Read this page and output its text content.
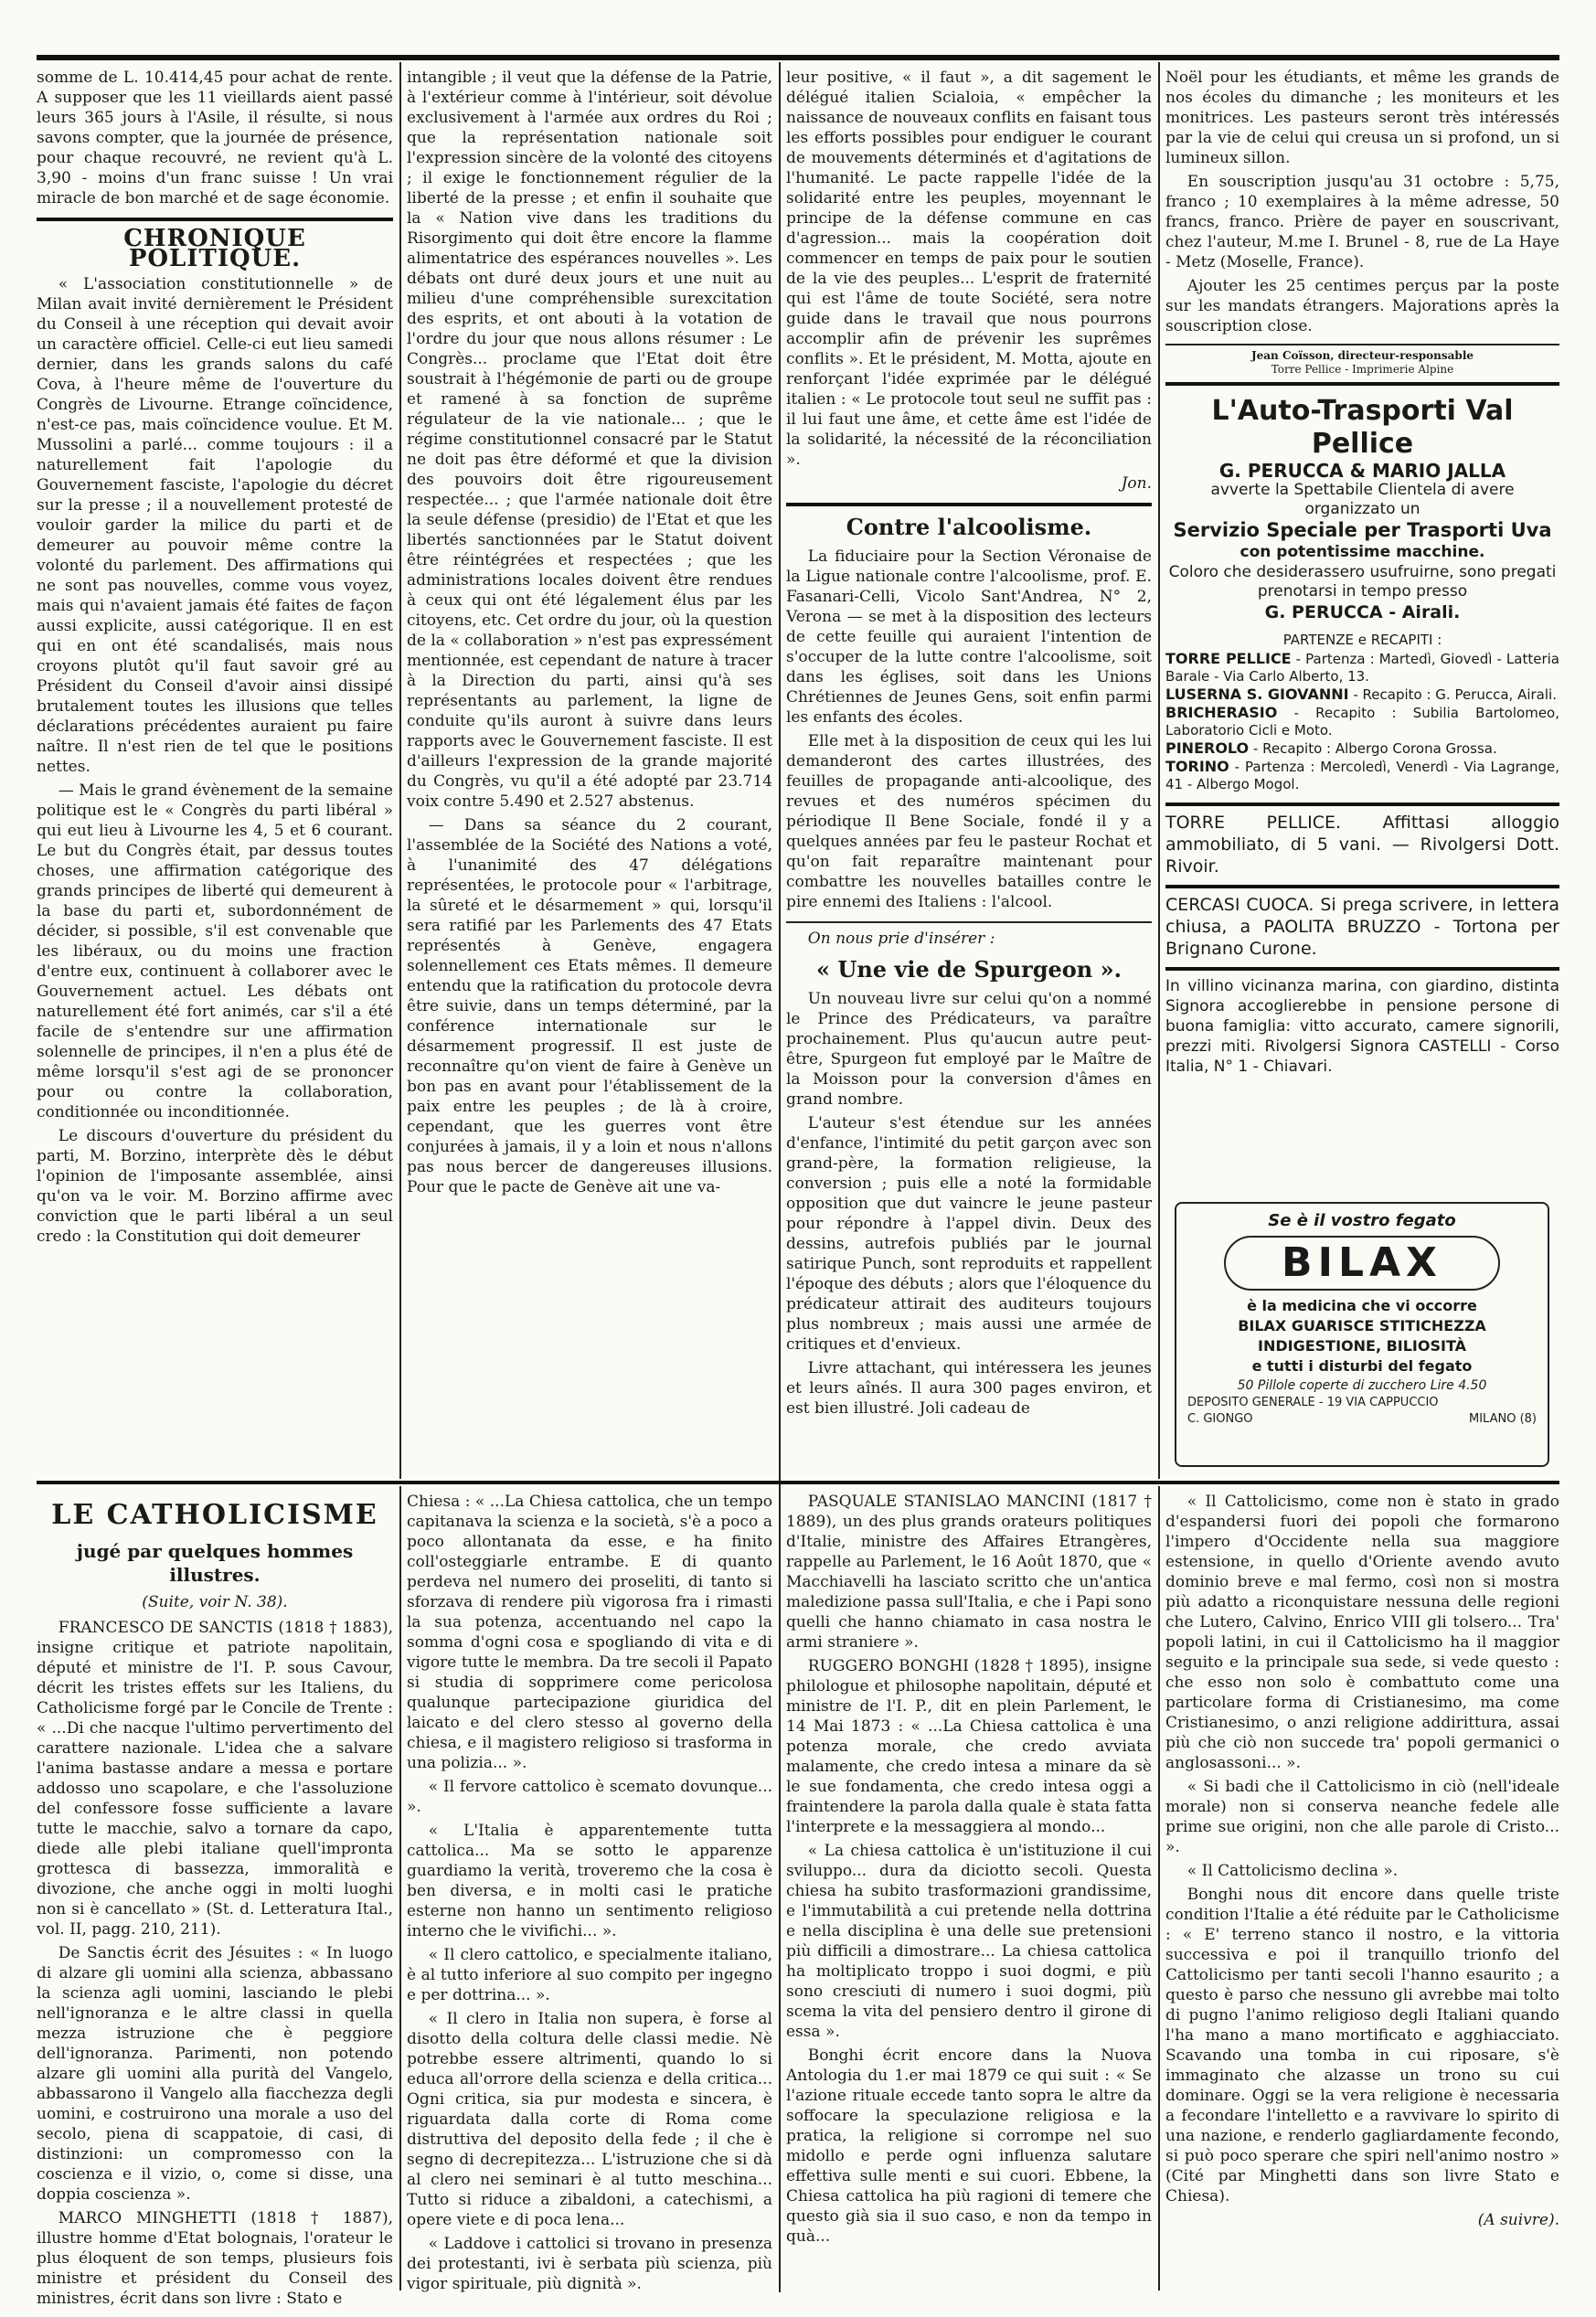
somme de L. 10.414,45 pour achat de rente. A supposer que les 11 vieillards aient passé leurs 365 jours à l'Asile, il résulte, si nous savons compter, que la journée de présence, pour chaque recouvré, ne revient qu'à L. 3,90 - moins d'un franc suisse ! Un vrai miracle de bon marché et de sage économie.

CHRONIQUE POLITIQUE.

« L'association constitutionnelle » de Milan avait invité dernièrement le Président du Conseil à une réception qui devait avoir un caractère officiel. Celle-ci eut lieu samedi dernier, dans les grands salons du café Cova, à l'heure même de l'ouverture du Congrès de Livourne. Etrange coïncidence, n'est-ce pas, mais coïncidence voulue. Et M. Mussolini a parlé... comme toujours : il a naturellement fait l'apologie du Gouvernement fasciste, l'apologie du décret sur la presse ; il a nouvellement protesté de vouloir garder la milice du parti et de demeurer au pouvoir même contre la volonté du parlement. Des affirmations qui ne sont pas nouvelles, comme vous voyez, mais qui n'avaient jamais été faites de façon aussi explicite, aussi catégorique. Il en est qui en ont été scandalisés, mais nous croyons plutôt qu'il faut savoir gré au Président du Conseil d'avoir ainsi dissipé brutalement toutes les illusions que telles déclarations précédentes auraient pu faire naître. Il n'est rien de tel que le positions nettes.

— Mais le grand évènement de la semaine politique est le « Congrès du parti libéral » qui eut lieu à Livourne les 4, 5 et 6 courant. Le but du Congrès était, par dessus toutes choses, une affirmation catégorique des grands principes de liberté qui demeurent à la base du parti et, subordonnément de décider, si possible, s'il est convenable que les libéraux, ou du moins une fraction d'entre eux, continuent à collaborer avec le Gouvernement actuel. Les débats ont naturellement été fort animés, car s'il a été facile de s'entendre sur une affirmation solennelle de principes, il n'en a plus été de même lorsqu'il s'est agi de se prononcer pour ou contre la collaboration, conditionnée ou inconditionnée.

Le discours d'ouverture du président du parti, M. Borzino, interprète dès le début l'opinion de l'imposante assemblée, ainsi qu'on va le voir. M. Borzino affirme avec conviction que le parti libéral a un seul credo : la Constitution qui doit demeurer

intangible ; il veut que la défense de la Patrie, à l'extérieur comme à l'intérieur, soit dévolue exclusivement à l'armée aux ordres du Roi ; que la représentation nationale soit l'expression sincère de la volonté des citoyens ; il exige le fonctionnement régulier de la liberté de la presse ; et enfin il souhaite que la « Nation vive dans les traditions du Risorgimento qui doit être encore la flamme alimentatrice des espérances nouvelles ». Les débats ont duré deux jours et une nuit au milieu d'une compréhensible surexcitation des esprits, et ont abouti à la votation de l'ordre du jour que nous allons résumer : Le Congrès... proclame que l'Etat doit être soustrait à l'hégémonie de parti ou de groupe et ramené à sa fonction de suprême régulateur de la vie nationale... ; que le régime constitutionnel consacré par le Statut ne doit pas être déformé et que la division des pouvoirs doit être rigoureusement respectée... ; que l'armée nationale doit être la seule défense (presidio) de l'Etat et que les libertés sanctionnées par le Statut doivent être réintégrées et respectées ; que les administrations locales doivent être rendues à ceux qui ont été légalement élus par les citoyens, etc. Cet ordre du jour, où la question de la « collaboration » n'est pas expressément mentionnée, est cependant de nature à tracer à la Direction du parti, ainsi qu'à ses représentants au parlement, la ligne de conduite qu'ils auront à suivre dans leurs rapports avec le Gouvernement fasciste. Il est d'ailleurs l'expression de la grande majorité du Congrès, vu qu'il a été adopté par 23.714 voix contre 5.490 et 2.527 abstenus.

— Dans sa séance du 2 courant, l'assemblée de la Société des Nations a voté, à l'unanimité des 47 délégations représentées, le protocole pour « l'arbitrage, la sûreté et le désarmement » qui, lorsqu'il sera ratifié par les Parlements des 47 Etats représentés à Genève, engagera solennellement ces Etats mêmes. Il demeure entendu que la ratification du protocole devra être suivie, dans un temps déterminé, par la conférence internationale sur le désarmement progressif. Il est juste de reconnaître qu'on vient de faire à Genève un bon pas en avant pour l'établissement de la paix entre les peuples ; de là à croire, cependant, que les guerres vont être conjurées à jamais, il y a loin et nous n'allons pas nous bercer de dangereuses illusions. Pour que le pacte de Genève ait une va-

leur positive, « il faut », a dit sagement le délégué italien Scialoia, « empêcher la naissance de nouveaux conflits en faisant tous les efforts possibles pour endiguer le courant de mouvements déterminés et d'agitations de l'humanité. Le pacte rappelle l'idée de la solidarité entre les peuples, moyennant le principe de la défense commune en cas d'agression... mais la coopération doit commencer en temps de paix pour le soutien de la vie des peuples... L'esprit de fraternité qui est l'âme de toute Société, sera notre guide dans le travail que nous pourrons accomplir afin de prévenir les suprêmes conflits ». Et le président, M. Motta, ajoute en renforçant l'idée exprimée par le délégué italien : « Le protocole tout seul ne suffit pas : il lui faut une âme, et cette âme est l'idée de la solidarité, la nécessité de la réconciliation ».

Jon.
Contre l'alcoolisme.

La fiduciaire pour la Section Véronaise de la Ligue nationale contre l'alcoolisme, prof. E. Fasanari-Celli, Vicolo Sant'Andrea, N° 2, Verona — se met à la disposition des lecteurs de cette feuille qui auraient l'intention de s'occuper de la lutte contre l'alcoolisme, soit dans les églises, soit dans les Unions Chrétiennes de Jeunes Gens, soit enfin parmi les enfants des écoles.

Elle met à la disposition de ceux qui les lui demanderont des cartes illustrées, des feuilles de propagande anti-alcoolique, des revues et des numéros spécimen du périodique Il Bene Sociale, fondé il y a quelques années par feu le pasteur Rochat et qu'on fait reparaître maintenant pour combattre les nouvelles batailles contre le pire ennemi des Italiens : l'alcool.

On nous prie d'insérer :

« Une vie de Spurgeon ».

Un nouveau livre sur celui qu'on a nommé le Prince des Prédicateurs, va paraître prochainement. Plus qu'aucun autre peut-être, Spurgeon fut employé par le Maître de la Moisson pour la conversion d'âmes en grand nombre.

L'auteur s'est étendue sur les années d'enfance, l'intimité du petit garçon avec son grand-père, la formation religieuse, la conversion ; puis elle a noté la formidable opposition que dut vaincre le jeune pasteur pour répondre à l'appel divin. Deux des dessins, autrefois publiés par le journal satirique Punch, sont reproduits et rappellent l'époque des débuts ; alors que l'éloquence du prédicateur attirait des auditeurs toujours plus nombreux ; mais aussi une armée de critiques et d'envieux.

Livre attachant, qui intéressera les jeunes et leurs aînés. Il aura 300 pages environ, et est bien illustré. Joli cadeau de

Noël pour les étudiants, et même les grands de nos écoles du dimanche ; les moniteurs et les monitrices. Les pasteurs seront très intéressés par la vie de celui qui creusa un si profond, un si lumineux sillon.

En souscription jusqu'au 31 octobre : 5,75, franco ; 10 exemplaires à la même adresse, 50 francs, franco. Prière de payer en souscrivant, chez l'auteur, M.me I. Brunel - 8, rue de La Haye - Metz (Moselle, France).

Ajouter les 25 centimes perçus par la poste sur les mandats étrangers. Majorations après la souscription close.

Jean Coïsson, directeur-responsable
Torre Pellice - Imprimerie Alpine
L'Auto-Trasporti Val Pellice
G. PERUCCA & MARIO JALLA
avverte la Spettabile Clientela di avere organizzato un
Servizio Speciale per Trasporti Uva
con potentissime macchine.
Coloro che desiderassero usufruirne, sono pregati prenotarsi in tempo presso
G. PERUCCA - Airali.
PARTENZE e RECAPITI :
TORRE PELLICE - Partenza : Martedì, Giovedì - Latteria Barale - Via Carlo Alberto, 13.
LUSERNA S. GIOVANNI - Recapito : G. Perucca, Airali.
BRICHERASIO - Recapito : Subilia Bartolomeo, Laboratorio Cicli e Moto.
PINEROLO - Recapito : Albergo Corona Grossa.
TORINO - Partenza : Mercoledì, Venerdì - Via Lagrange, 41 - Albergo Mogol.
TORRE PELLICE. Affittasi alloggio ammobiliato, di 5 vani. — Rivolgersi Dott. Rivoir.
CERCASI CUOCA. Si prega scrivere, in lettera chiusa, a PAOLITA BRUZZO - Tortona per Brignano Curone.
In villino vicinanza marina, con giardino, distinta Signora accoglierebbe in pensione persone di buona famiglia: vitto accurato, camere signorili, prezzi miti. Rivolgersi Signora CASTELLI - Corso Italia, N° 1 - Chiavari.
Se è il vostro fegato
BILAX
è la medicina che vi occorre
BILAX GUARISCE STITICHEZZA
INDIGESTIONE, BILIOSITÀ
e tutti i disturbi del fegato
50 Pillole coperte di zucchero Lire 4.50
DEPOSITO GENERALE - 19 VIA CAPPUCCIO
C. GIONGO	MILANO (8)
LE CATHOLICISME
jugé par quelques hommes illustres.
(Suite, voir N. 38).

FRANCESCO DE SANCTIS (1818 † 1883), insigne critique et patriote napolitain, député et ministre de l'I. P. sous Cavour, décrit les tristes effets sur les Italiens, du Catholicisme forgé par le Concile de Trente : « ...Di che nacque l'ultimo pervertimento del carattere nazionale. L'idea che a salvare l'anima bastasse andare a messa e portare addosso uno scapolare, e che l'assoluzione del confessore fosse sufficiente a lavare tutte le macchie, salvo a tornare da capo, diede alle plebi italiane quell'impronta grottesca di bassezza, immoralità e divozione, che anche oggi in molti luoghi non si è cancellato » (St. d. Letteratura Ital., vol. II, pagg. 210, 211).

De Sanctis écrit des Jésuites : « In luogo di alzare gli uomini alla scienza, abbassano la scienza agli uomini, lasciando le plebi nell'ignoranza e le altre classi in quella mezza istruzione che è peggiore dell'ignoranza. Parimenti, non potendo alzare gli uomini alla purità del Vangelo, abbassarono il Vangelo alla fiacchezza degli uomini, e costruirono una morale a uso del secolo, piena di scappatoie, di casi, di distinzioni: un compromesso con la coscienza e il vizio, o, come si disse, una doppia coscienza ».

MARCO MINGHETTI (1818 † 1887), illustre homme d'Etat bolognais, l'orateur le plus éloquent de son temps, plusieurs fois ministre et président du Conseil des ministres, écrit dans son livre : Stato e

Chiesa : « ...La Chiesa cattolica, che un tempo capitanava la scienza e la società, s'è a poco a poco allontanata da esse, e ha finito coll'osteggiarle entrambe. E di quanto perdeva nel numero dei proseliti, di tanto si sforzava di rendere più vigorosa fra i rimasti la sua potenza, accentuando nel capo la somma d'ogni cosa e spogliando di vita e di vigore tutte le membra. Da tre secoli il Papato si studia di sopprimere come pericolosa qualunque partecipazione giuridica del laicato e del clero stesso al governo della chiesa, e il magistero religioso si trasforma in una polizia... ».

« Il fervore cattolico è scemato dovunque... ».

« L'Italia è apparentemente tutta cattolica... Ma se sotto le apparenze guardiamo la verità, troveremo che la cosa è ben diversa, e in molti casi le pratiche esterne non hanno un sentimento religioso interno che le vivifichi... ».

« Il clero cattolico, e specialmente italiano, è al tutto inferiore al suo compito per ingegno e per dottrina... ».

« Il clero in Italia non supera, è forse al disotto della coltura delle classi medie. Nè potrebbe essere altrimenti, quando lo si educa all'orrore della scienza e della critica... Ogni critica, sia pur modesta e sincera, è riguardata dalla corte di Roma come distruttiva del deposito della fede ; il che è segno di decrepitezza... L'istruzione che si dà al clero nei seminari è al tutto meschina... Tutto si riduce a zibaldoni, a catechismi, a opere viete e di poca lena...

« Laddove i cattolici si trovano in presenza dei protestanti, ivi è serbata più scienza, più vigor spirituale, più dignità ».

PASQUALE STANISLAO MANCINI (1817 † 1889), un des plus grands orateurs politiques d'Italie, ministre des Affaires Etrangères, rappelle au Parlement, le 16 Août 1870, que « Macchiavelli ha lasciato scritto che un'antica maledizione passa sull'Italia, e che i Papi sono quelli che hanno chiamato in casa nostra le armi straniere ».

RUGGERO BONGHI (1828 † 1895), insigne philologue et philosophe napolitain, député et ministre de l'I. P., dit en plein Parlement, le 14 Mai 1873 : « ...La Chiesa cattolica è una potenza morale, che credo avviata malamente, che credo intesa a minare da sè le sue fondamenta, che credo intesa oggi a fraintendere la parola dalla quale è stata fatta l'interprete e la messaggiera al mondo...

« La chiesa cattolica è un'istituzione il cui sviluppo... dura da diciotto secoli. Questa chiesa ha subito trasformazioni grandissime, e l'immutabilità a cui pretende nella dottrina e nella disciplina è una delle sue pretensioni più difficili a dimostrare... La chiesa cattolica ha moltiplicato troppo i suoi dogmi, e più sono cresciuti di numero i suoi dogmi, più scema la vita del pensiero dentro il girone di essa ».

Bonghi écrit encore dans la Nuova Antologia du 1.er mai 1879 ce qui suit : « Se l'azione rituale eccede tanto sopra le altre da soffocare la speculazione religiosa e la pratica, la religione si corrompe nel suo midollo e perde ogni influenza salutare effettiva sulle menti e sui cuori. Ebbene, la Chiesa cattolica ha più ragioni di temere che questo già sia il suo caso, e non da tempo in quà...

« Il Cattolicismo, come non è stato in grado d'espandersi fuori dei popoli che formarono l'impero d'Occidente nella sua maggiore estensione, in quello d'Oriente avendo avuto dominio breve e mal fermo, così non si mostra più adatto a riconquistare nessuna delle regioni che Lutero, Calvino, Enrico VIII gli tolsero... Tra' popoli latini, in cui il Cattolicismo ha il maggior seguito e la principale sua sede, si vede questo : che esso non solo è combattuto come una particolare forma di Cristianesimo, ma come Cristianesimo, o anzi religione addirittura, assai più che ciò non succede tra' popoli germanici o anglosassoni... ».

« Si badi che il Cattolicismo in ciò (nell'ideale morale) non si conserva neanche fedele alle prime sue origini, non che alle parole di Cristo... ».

« Il Cattolicismo declina ».

Bonghi nous dit encore dans quelle triste condition l'Italie a été réduite par le Catholicisme : « E' terreno stanco il nostro, e la vittoria successiva e poi il tranquillo trionfo del Cattolicismo per tanti secoli l'hanno esaurito ; a questo è parso che nessuno gli avrebbe mai tolto di pugno l'animo religioso degli Italiani quando l'ha mano a mano mortificato e agghiacciato. Scavando una tomba in cui riposare, s'è immaginato che alzasse un trono su cui dominare. Oggi se la vera religione è necessaria a fecondare l'intelletto e a ravvivare lo spirito di una nazione, e renderlo gagliardamente fecondo, si può poco sperare che spiri nell'animo nostro » (Cité par Minghetti dans son livre Stato e Chiesa).

(A suivre).
